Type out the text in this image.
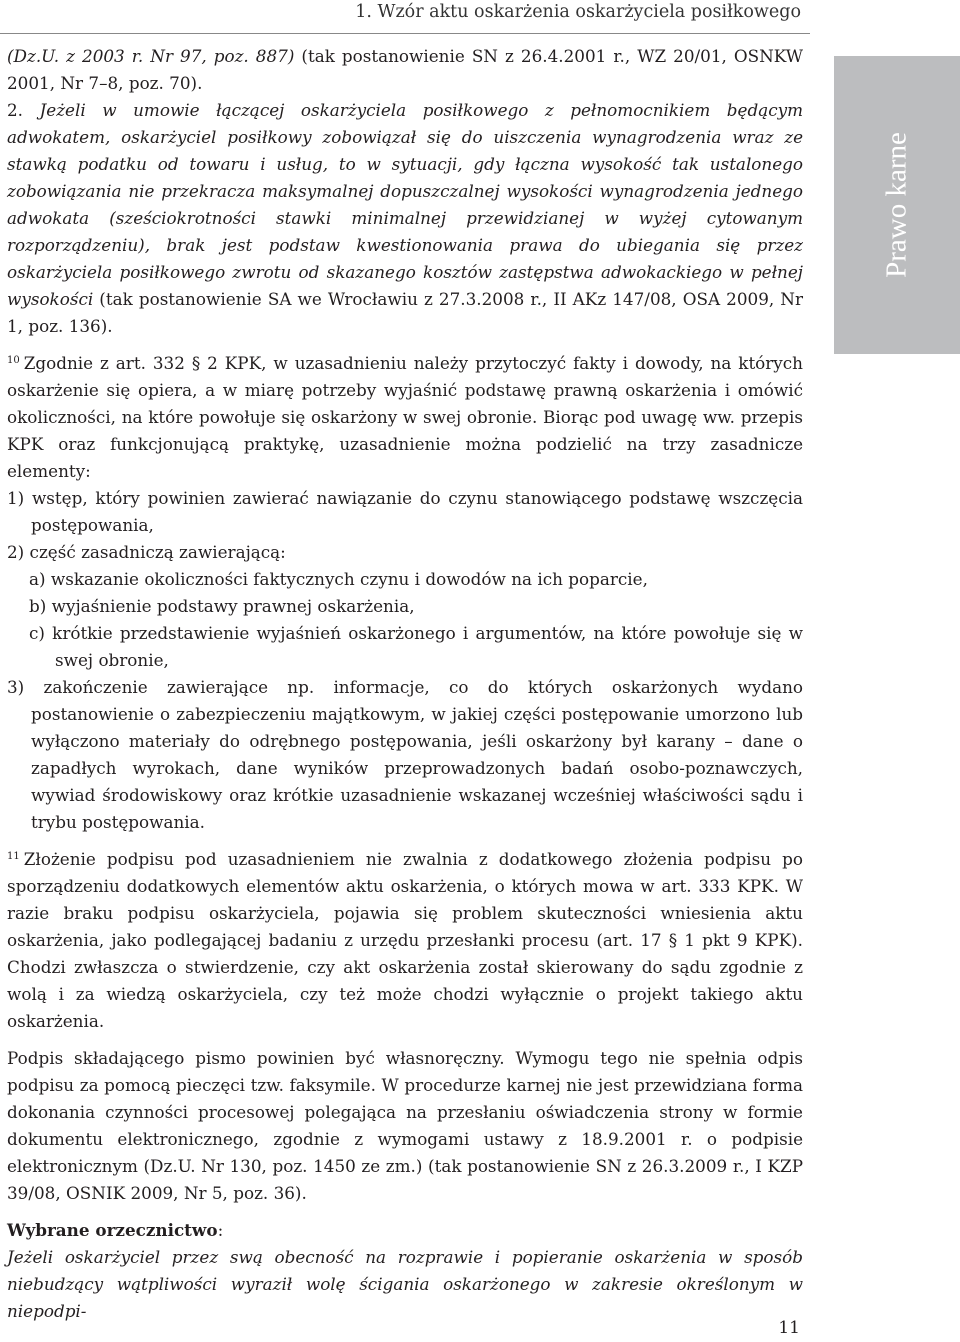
1. Wzór aktu oskarżenia oskarżyciela posiłkowego
Prawo karne

(Dz.U. z 2003 r. Nr 97, poz. 887) (tak postanowienie SN z 26.4.2001 r., WZ 20/01, OSNKW 2001, Nr 7–8, poz. 70).

2. Jeżeli w umowie łączącej oskarżyciela posiłkowego z pełnomocnikiem będącym adwokatem, oskarżyciel posiłkowy zobowiązał się do uiszczenia wynagrodzenia wraz ze stawką podatku od towaru i usług, to w sytuacji, gdy łączna wysokość tak ustalonego zobowiązania nie przekracza maksymalnej dopuszczalnej wysokości wynagrodzenia jednego adwokata (sześciokrotności stawki minimalnej przewidzianej w wyżej cytowanym rozporządzeniu), brak jest podstaw kwestionowania prawa do ubiegania się przez oskarżyciela posiłkowego zwrotu od skazanego kosztów zastępstwa adwokackiego w pełnej wysokości (tak postanowienie SA we Wrocławiu z 27.3.2008 r., II AKz 147/08, OSA 2009, Nr 1, poz. 136).

$^{10}$ Zgodnie z art. 332 § 2 KPK, w uzasadnieniu należy przytoczyć fakty i dowody, na których oskarżenie się opiera, a w miarę potrzeby wyjaśnić podstawę prawną oskarżenia i omówić okoliczności, na które powołuje się oskarżony w swej obronie. Biorąc pod uwagę ww. przepis KPK oraz funkcjonującą praktykę, uzasadnienie można podzielić na trzy zasadnicze elementy:

1) wstęp, który powinien zawierać nawiązanie do czynu stanowiącego podstawę wszczęcia postępowania,

2) część zasadniczą zawierającą:

a) wskazanie okoliczności faktycznych czynu i dowodów na ich poparcie,

b) wyjaśnienie podstawy prawnej oskarżenia,

c) krótkie przedstawienie wyjaśnień oskarżonego i argumentów, na które powołuje się w swej obronie,

3) zakończenie zawierające np. informacje, co do których oskarżonych wydano postanowienie o zabezpieczeniu majątkowym, w jakiej części postępowanie umorzono lub wyłączono materiały do odrębnego postępowania, jeśli oskarżony był karany – dane o zapadłych wyrokach, dane wyników przeprowadzonych badań osobo-poznawczych, wywiad środowiskowy oraz krótkie uzasadnienie wskazanej wcześniej właściwości sądu i trybu postępowania.

$^{11}$ Złożenie podpisu pod uzasadnieniem nie zwalnia z dodatkowego złożenia podpisu po sporządzeniu dodatkowych elementów aktu oskarżenia, o których mowa w art. 333 KPK. W razie braku podpisu oskarżyciela, pojawia się problem skuteczności wniesienia aktu oskarżenia, jako podlegającej badaniu z urzędu przesłanki procesu (art. 17 § 1 pkt 9 KPK). Chodzi zwłaszcza o stwierdzenie, czy akt oskarżenia został skierowany do sądu zgodnie z wolą i za wiedzą oskarżyciela, czy też może chodzi wyłącznie o projekt takiego aktu oskarżenia.

Podpis składającego pismo powinien być własnoręczny. Wymogu tego nie spełnia odpis podpisu za pomocą pieczęci tzw. faksymile. W procedurze karnej nie jest przewidziana forma dokonania czynności procesowej polegająca na przesłaniu oświadczenia strony w formie dokumentu elektronicznego, zgodnie z wymogami ustawy z 18.9.2001 r. o podpisie elektronicznym (Dz.U. Nr 130, poz. 1450 ze zm.) (tak postanowienie SN z 26.3.2009 r., I KZP 39/08, OSNIK 2009, Nr 5, poz. 36).

Wybrane orzecznictwo:

Jeżeli oskarżyciel przez swą obecność na rozprawie i popieranie oskarżenia w sposób niebudzący wątpliwości wyraził wolę ścigania oskarżonego w zakresie określonym w niepodpi-

11
